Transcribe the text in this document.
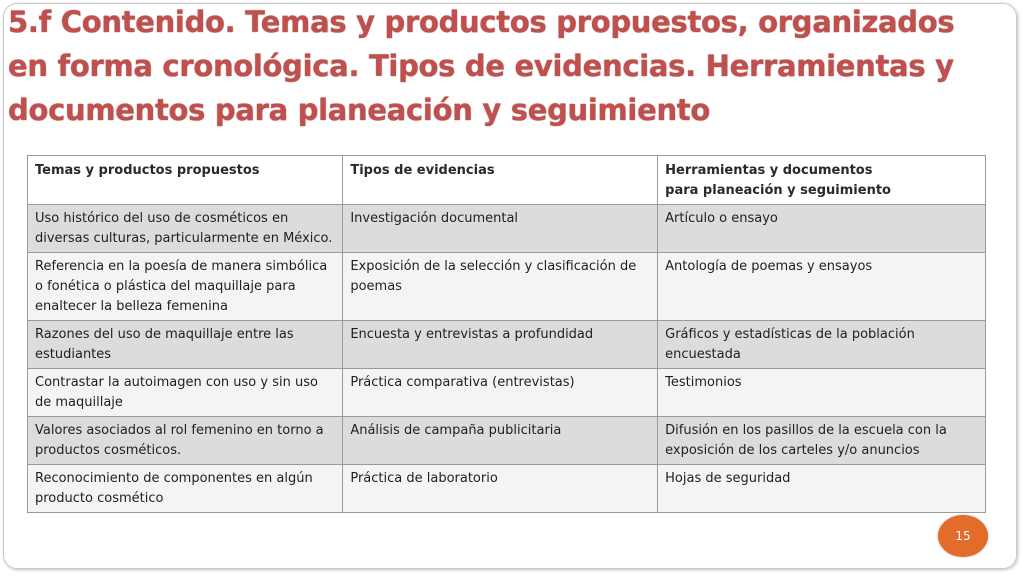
5.f Contenido. Temas y productos propuestos, organizados
en forma cronológica. Tipos de evidencias. Herramientas y
documentos para planeación y seguimiento
Temas y productos propuestos	Tipos de evidencias	Herramientas y documentos
para planeación y seguimiento
Uso histórico del uso de cosméticos en diversas culturas, particularmente en México.	Investigación documental	Artículo o ensayo
Referencia en la poesía de manera simbólica o fonética o plástica del maquillaje para enaltecer la belleza femenina	Exposición de la selección y clasificación de poemas	Antología de poemas y ensayos
Razones del uso de maquillaje entre las estudiantes	Encuesta y entrevistas a profundidad	Gráficos y estadísticas de la población encuestada
Contrastar la autoimagen con uso y sin uso de maquillaje	Práctica comparativa (entrevistas)	Testimonios
Valores asociados al rol femenino en torno a productos cosméticos.	Análisis de campaña publicitaria	Difusión en los pasillos de la escuela con la exposición de los carteles y/o anuncios
Reconocimiento de componentes en algún producto cosmético	Práctica de laboratorio	Hojas de seguridad
15
